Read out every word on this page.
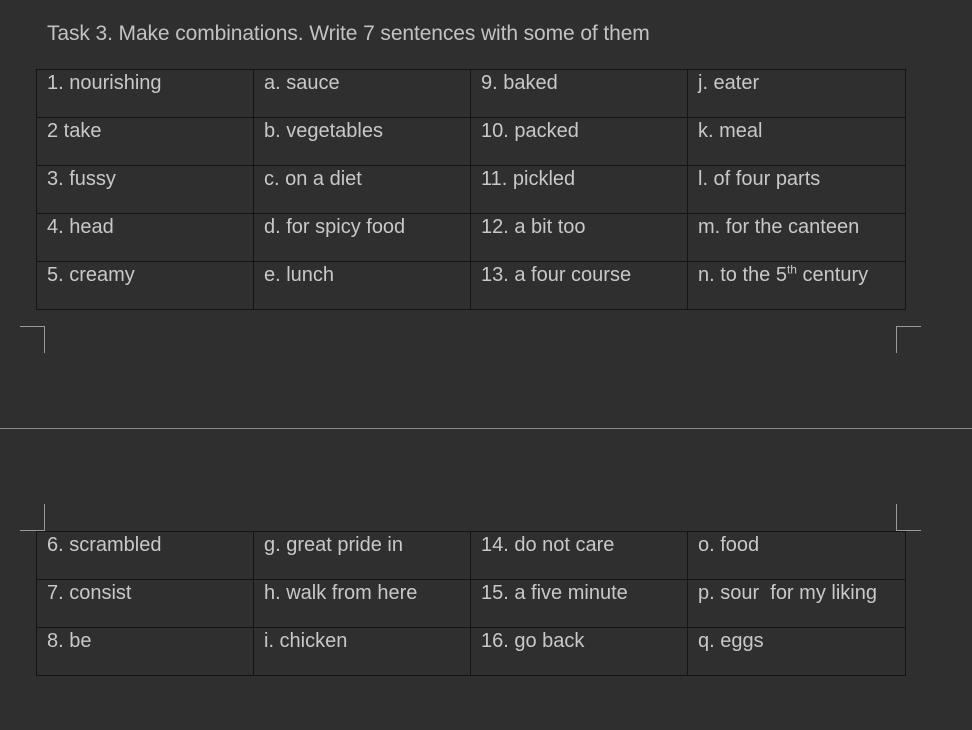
Task 3. Make combinations. Write 7 sentences with some of them
1. nourishing	a. sauce	9. baked	j. eater
2 take	b. vegetables	10. packed	k. meal
3. fussy	c. on a diet	11. pickled	l. of four parts
4. head	d. for spicy food	12. a bit too	m. for the canteen
5. creamy	e. lunch	13. a four course	n. to the 5th century
6. scrambled	g. great pride in	14. do not care	o. food
7. consist	h. walk from here	15. a five minute	p. sour  for my liking
8. be	i. chicken	16. go back	q. eggs
